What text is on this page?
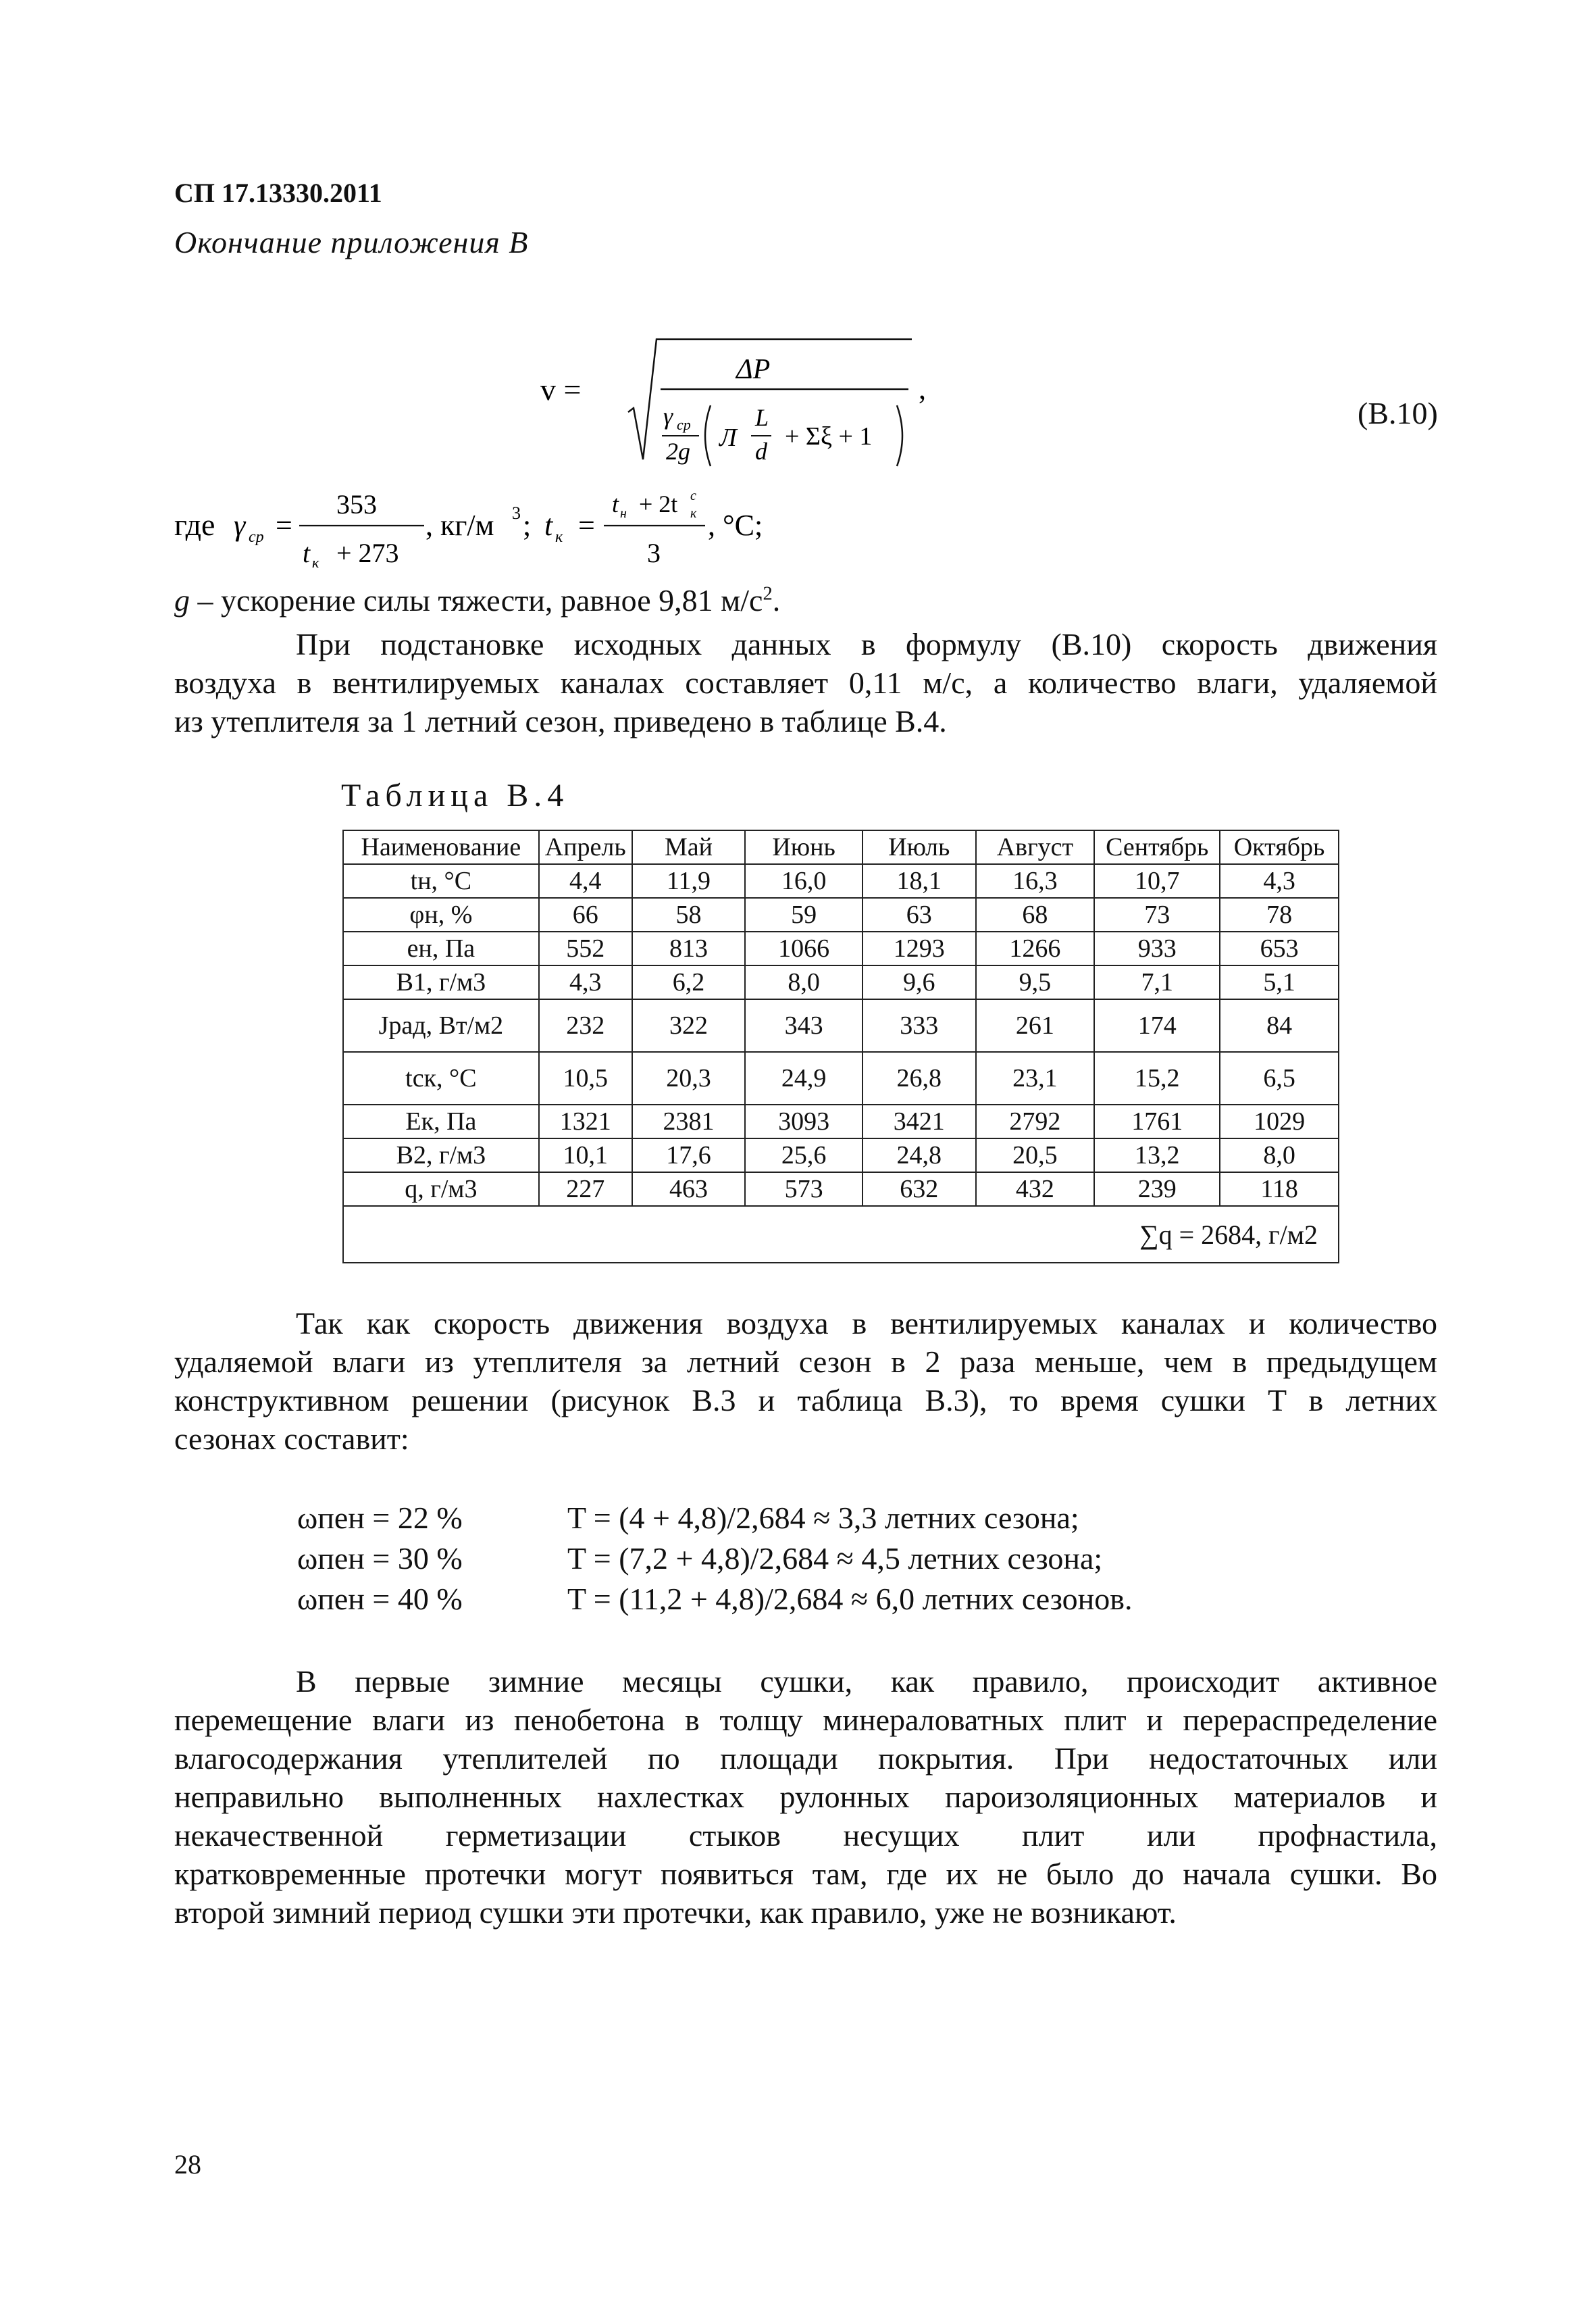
СП 17.13330.2011
Окончание приложения В
v =
ΔP
γ ср
2g Л
L
d
+ Σξ + 1
,
(В.10)
где γ ср =
353
t к + 273
, кг/м 3 ; t к =
t н + 2t с
к
3
, °С;
g – ускорение силы тяжести, равное 9,81 $м/с^2$.
При подстановке исходных данных в формулу (В.10) скорость движения
воздуха в вентилируемых каналах составляет 0,11 м/с, а количество влаги, удаляемой
из утеплителя за 1 летний сезон, приведено в таблице В.4.
Таблица В.4
Наименование	Апрель	Май	Июнь	Июль	Август	Сентябрь	Октябрь
tн, °С	4,4	11,9	16,0	18,1	16,3	10,7	4,3
φн, %	66	58	59	63	68	73	78
eн, Па	552	813	1066	1293	1266	933	653
B1, г/м3	4,3	6,2	8,0	9,6	9,5	7,1	5,1
Jрад, Вт/м2	232	322	343	333	261	174	84
tск, °С	10,5	20,3	24,9	26,8	23,1	15,2	6,5
Eк, Па	1321	2381	3093	3421	2792	1761	1029
B2, г/м3	10,1	17,6	25,6	24,8	20,5	13,2	8,0
q, г/м3	227	463	573	632	432	239	118
∑q = 2684, г/м2							
Так как скорость движения воздуха в вентилируемых каналах и количество
удаляемой влаги из утеплителя за летний сезон в 2 раза меньше, чем в предыдущем
конструктивном решении (рисунок В.3 и таблица В.3), то время сушки T в летних
сезонах составит:
ωпен = 22 %	T = (4 + 4,8)/2,684 ≈ 3,3 летних сезона;
ωпен = 30 %	T = (7,2 + 4,8)/2,684 ≈ 4,5 летних сезона;
ωпен = 40 %	T = (11,2 + 4,8)/2,684 ≈ 6,0 летних сезонов.
В первые зимние месяцы сушки, как правило, происходит активное
перемещение влаги из пенобетона в толщу минераловатных плит и перераспределение
влагосодержания утеплителей по площади покрытия. При недостаточных или
неправильно выполненных нахлестках рулонных пароизоляционных материалов и
некачественной герметизации стыков несущих плит или профнастила,
кратковременные протечки могут появиться там, где их не было до начала сушки. Во
второй зимний период сушки эти протечки, как правило, уже не возникают.
28
